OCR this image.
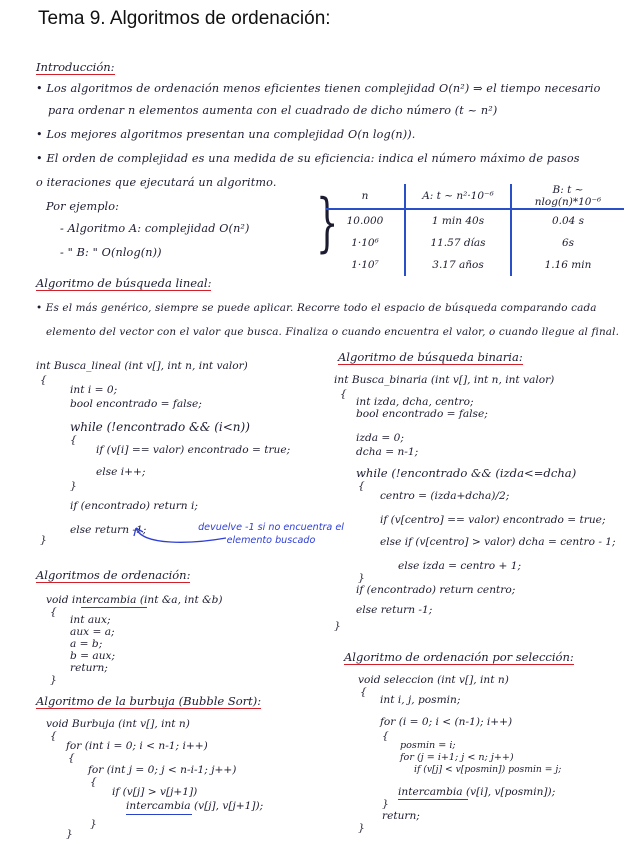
Tema 9. Algoritmos de ordenación:
Introducción:
• Los algoritmos de ordenación menos eficientes tienen complejidad O(n²) ⇒ el tiempo necesario
para ordenar n elementos aumenta con el cuadrado de dicho número (t ~ n²)
• Los mejores algoritmos presentan una complejidad O(n log(n)).
• El orden de complejidad es una medida de su eficiencia: indica el número máximo de pasos
o iteraciones que ejecutará un algoritmo.
Por ejemplo:
- Algoritmo A: complejidad O(n²)
- " B: " O(nlog(n)) } n	A: t ~ n²·10⁻⁶	B: t ~ nlog(n)*10⁻⁶
10.000	1 min 40s	0.04 s
1·10⁶	11.57 días	6s
1·10⁷	3.17 años	1.16 min
Algoritmo de búsqueda lineal:
• Es el más genérico, siempre se puede aplicar. Recorre todo el espacio de búsqueda comparando cada
elemento del vector con el valor que busca. Finaliza o cuando encuentra el valor, o cuando llegue al final.
int Busca_lineal (int v[], int n, int valor)
{
int i = 0;
bool encontrado = false;
while (!encontrado && (i<n))
{
if (v[i] == valor) encontrado = true;
else i++;
}
if (encontrado) return i;
else return -1;
}
devuelve -1 si no encuentra el elemento buscado
Algoritmo de búsqueda binaria:
int Busca_binaria (int v[], int n, int valor)
{
int izda, dcha, centro;
bool encontrado = false;
izda = 0;
dcha = n-1;
while (!encontrado && (izda<=dcha)
{
centro = (izda+dcha)/2;
if (v[centro] == valor) encontrado = true;
else if (v[centro] > valor) dcha = centro - 1;
else izda = centro + 1;
}
if (encontrado) return centro;
else return -1;
}
Algoritmos de ordenación:
void intercambia (int &a, int &b)
{
int aux;
aux = a;
a = b;
b = aux;
return;
}
Algoritmo de la burbuja (Bubble Sort):
void Burbuja (int v[], int n)
{
for (int i = 0; i < n-1; i++)
{
for (int j = 0; j < n-i-1; j++)
{
if (v[j] > v[j+1])
intercambia (v[j], v[j+1]);
}
}
Algoritmo de ordenación por selección:
void seleccion (int v[], int n)
{
int i, j, posmin;
for (i = 0; i < (n-1); i++)
{
posmin = i;
for (j = i+1; j < n; j++)
if (v[j] < v[posmin]) posmin = j;
intercambia (v[i], v[posmin]);
}
return;
}
